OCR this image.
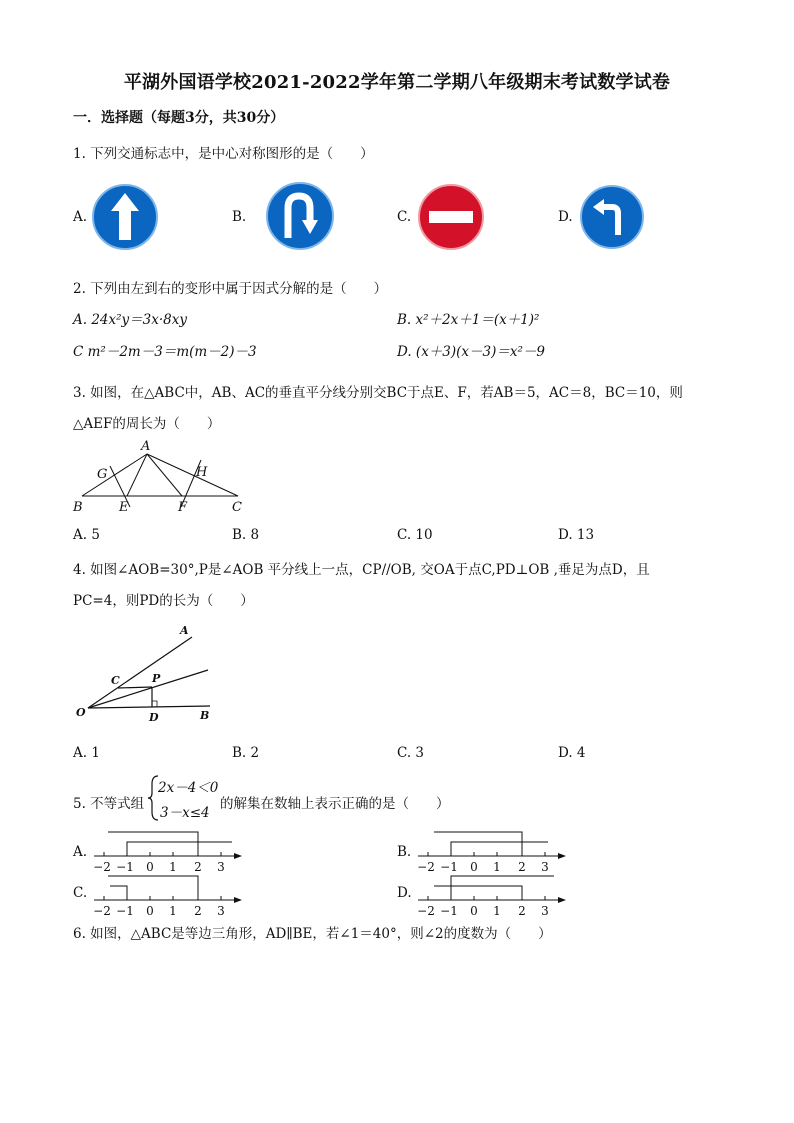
平湖外国语学校2021-2022学年第二学期八年级期末考试数学试卷
一．选择题（每题3分，共30分）
1. 下列交通标志中，是中心对称图形的是（　　）
A.	B.	C.	D.
2. 下列由左到右的变形中属于因式分解的是（　　）
A. 24x²y＝3x·8xy	B. x²＋2x＋1＝(x＋1)²
C m²－2m－3＝m(m－2)－3	D. (x＋3)(x－3)＝x²－9
3. 如图，在△ABC中，AB、AC的垂直平分线分别交BC于点E、F，若AB＝5，AC＝8，BC＝10，则
△AEF的周长为（　　）
A
B	C
E	F
G	H
A. 5	B. 8	C. 10	D. 13
4. 如图∠AOB=30°,P是∠AOB 平分线上一点，CP//OB, 交OA于点C,PD⊥OB ,垂足为点D，且
PC=4，则PD的长为（　　）
A
B
C
D
O
P
A. 1	B. 2	C. 3	D. 4
5. 不等式组
2x－4＜0
3－x≤4
的解集在数轴上表示正确的是（　　）
A.	B.
C.	D.
−2 −1 0 1 2 3	−2 −1 0 1 2 3
−2 −1 0 1 2 3	−2 −1 0 1 2 3
6. 如图，△ABC是等边三角形，AD∥BE，若∠1＝40°，则∠2的度数为（　　）
